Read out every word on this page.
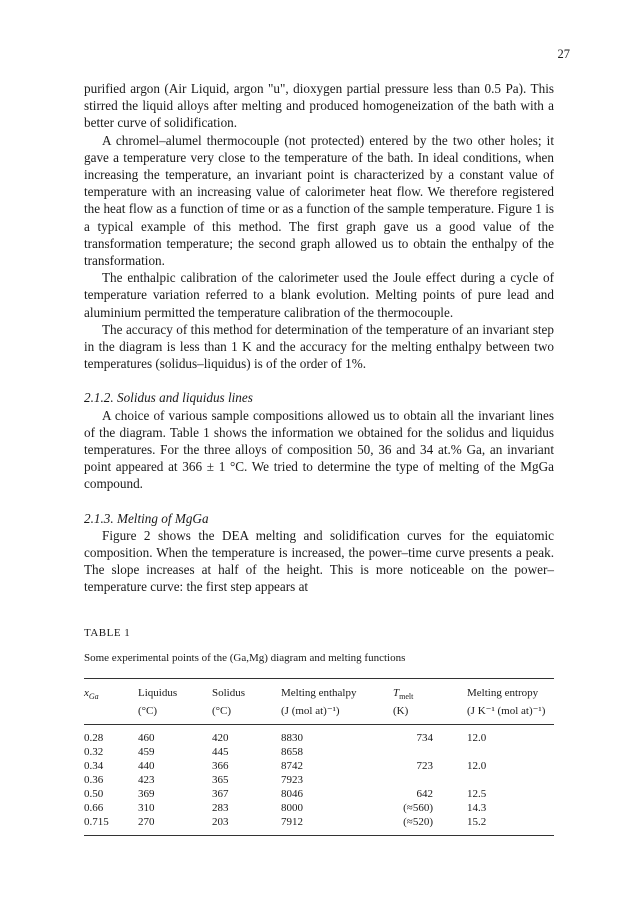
27

purified argon (Air Liquid, argon "u", dioxygen partial pressure less than 0.5 Pa). This stirred the liquid alloys after melting and produced homogeneization of the bath with a better curve of solidification.

A chromel–alumel thermocouple (not protected) entered by the two other holes; it gave a temperature very close to the temperature of the bath. In ideal conditions, when increasing the temperature, an invariant point is characterized by a constant value of temperature with an increasing value of calorimeter heat flow. We therefore registered the heat flow as a function of time or as a function of the sample temperature. Figure 1 is a typical example of this method. The first graph gave us a good value of the transformation temperature; the second graph allowed us to obtain the enthalpy of the transformation.

The enthalpic calibration of the calorimeter used the Joule effect during a cycle of temperature variation referred to a blank evolution. Melting points of pure lead and aluminium permitted the temperature calibration of the thermocouple.

The accuracy of this method for determination of the temperature of an invariant step in the diagram is less than 1 K and the accuracy for the melting enthalpy between two temperatures (solidus–liquidus) is of the order of 1%.

2.1.2. Solidus and liquidus lines

A choice of various sample compositions allowed us to obtain all the invariant lines of the diagram. Table 1 shows the information we obtained for the solidus and liquidus temperatures. For the three alloys of composition 50, 36 and 34 at.% Ga, an invariant point appeared at 366 ± 1 °C. We tried to determine the type of melting of the MgGa compound.

2.1.3. Melting of MgGa

Figure 2 shows the DEA melting and solidification curves for the equiatomic composition. When the temperature is increased, the power–time curve presents a peak. The slope increases at half of the height. This is more noticeable on the power–temperature curve: the first step appears at

TABLE 1
Some experimental points of the (Ga,Mg) diagram and melting functions
$x_{Ga}$	Liquidus	Solidus	Melting enthalpy	$T_{melt}$	Melting entropy
	(°C)	(°C)	(J (mol at)⁻¹)	(K)	(J K⁻¹ (mol at)⁻¹)
0.28	460	420	8830	734	12.0
0.32	459	445	8658		
0.34	440	366	8742	723	12.0
0.36	423	365	7923		
0.50	369	367	8046	642	12.5
0.66	310	283	8000	(≈560)	14.3
0.715	270	203	7912	(≈520)	15.2
